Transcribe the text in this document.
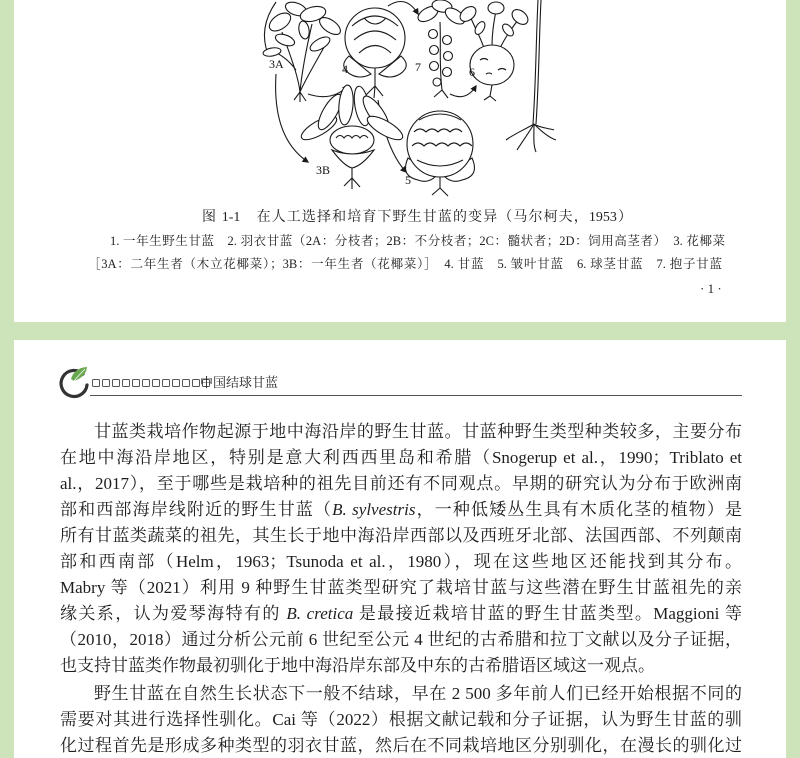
3A	4	7	6
3B
5
图 1-1　在人工选择和培育下野生甘蓝的变异（马尔柯夫，1953）
1. 一年生野生甘蓝　2. 羽衣甘蓝（2A：分枝者；2B：不分枝者；2C：髓状者；2D：饲用高茎者）　3. 花椰菜
［3A：二年生者（木立花椰菜）；3B：一年生者（花椰菜）］　4. 甘蓝　5. 皱叶甘蓝　6. 球茎甘蓝　7. 抱子甘蓝
· 1 ·
中国结球甘蓝
甘蓝类栽培作物起源于地中海沿岸的野生甘蓝。甘蓝种野生类型种类较多，主要分布
在地中海沿岸地区，特别是意大利西西里岛和希腊（Snogerup et al.，1990；Triblato et
al.，2017），至于哪些是栽培种的祖先目前还有不同观点。早期的研究认为分布于欧洲南
部和西部海岸线附近的野生甘蓝（B. sylvestris，一种低矮丛生具有木质化茎的植物）是
所有甘蓝类蔬菜的祖先，其生长于地中海沿岸西部以及西班牙北部、法国西部、不列颠南
部和西南部（Helm，1963；Tsunoda et al.，1980），现在这些地区还能找到其分布。
Mabry 等（2021）利用 9 种野生甘蓝类型研究了栽培甘蓝与这些潜在野生甘蓝祖先的亲
缘关系，认为爱琴海特有的 B. cretica 是最接近栽培甘蓝的野生甘蓝类型。Maggioni 等
（2010，2018）通过分析公元前 6 世纪至公元 4 世纪的古希腊和拉丁文献以及分子证据，
也支持甘蓝类作物最初驯化于地中海沿岸东部及中东的古希腊语区域这一观点。
野生甘蓝在自然生长状态下一般不结球，早在 2 500 多年前人们已经开始根据不同的
需要对其进行选择性驯化。Cai 等（2022）根据文献记载和分子证据，认为野生甘蓝的驯
化过程首先是形成多种类型的羽衣甘蓝，然后在不同栽培地区分别驯化，在漫长的驯化过
